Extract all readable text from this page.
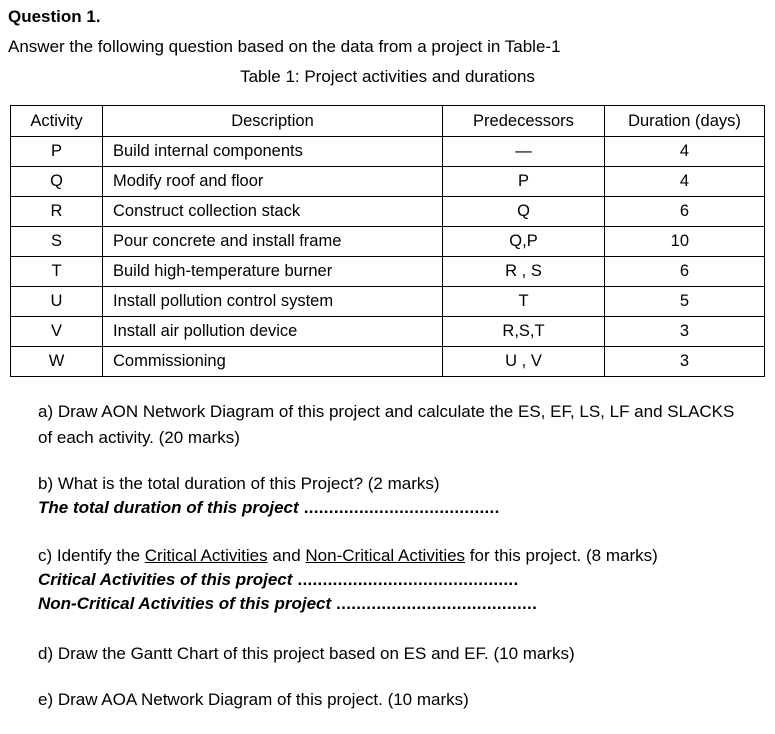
Question 1.
Answer the following question based on the data from a project in Table-1
Table 1: Project activities and durations
Activity	Description	Predecessors	Duration (days)
P	Build internal components	—	4
Q	Modify roof and floor	P	4
R	Construct collection stack	Q	6
S	Pour concrete and install frame	Q,P	10
T	Build high-temperature burner	R , S	6
U	Install pollution control system	T	5
V	Install air pollution device	R,S,T	3
W	Commissioning	U , V	3
a) Draw AON Network Diagram of this project and calculate the ES, EF, LS, LF and SLACKS of each activity. (20 marks)
b) What is the total duration of this Project? (2 marks)
The total duration of this project .......................................
c) Identify the Critical Activities and Non-Critical Activities for this project. (8 marks)
Critical Activities of this project ............................................
Non-Critical Activities of this project ........................................
d) Draw the Gantt Chart of this project based on ES and EF. (10 marks)
e) Draw AOA Network Diagram of this project. (10 marks)
